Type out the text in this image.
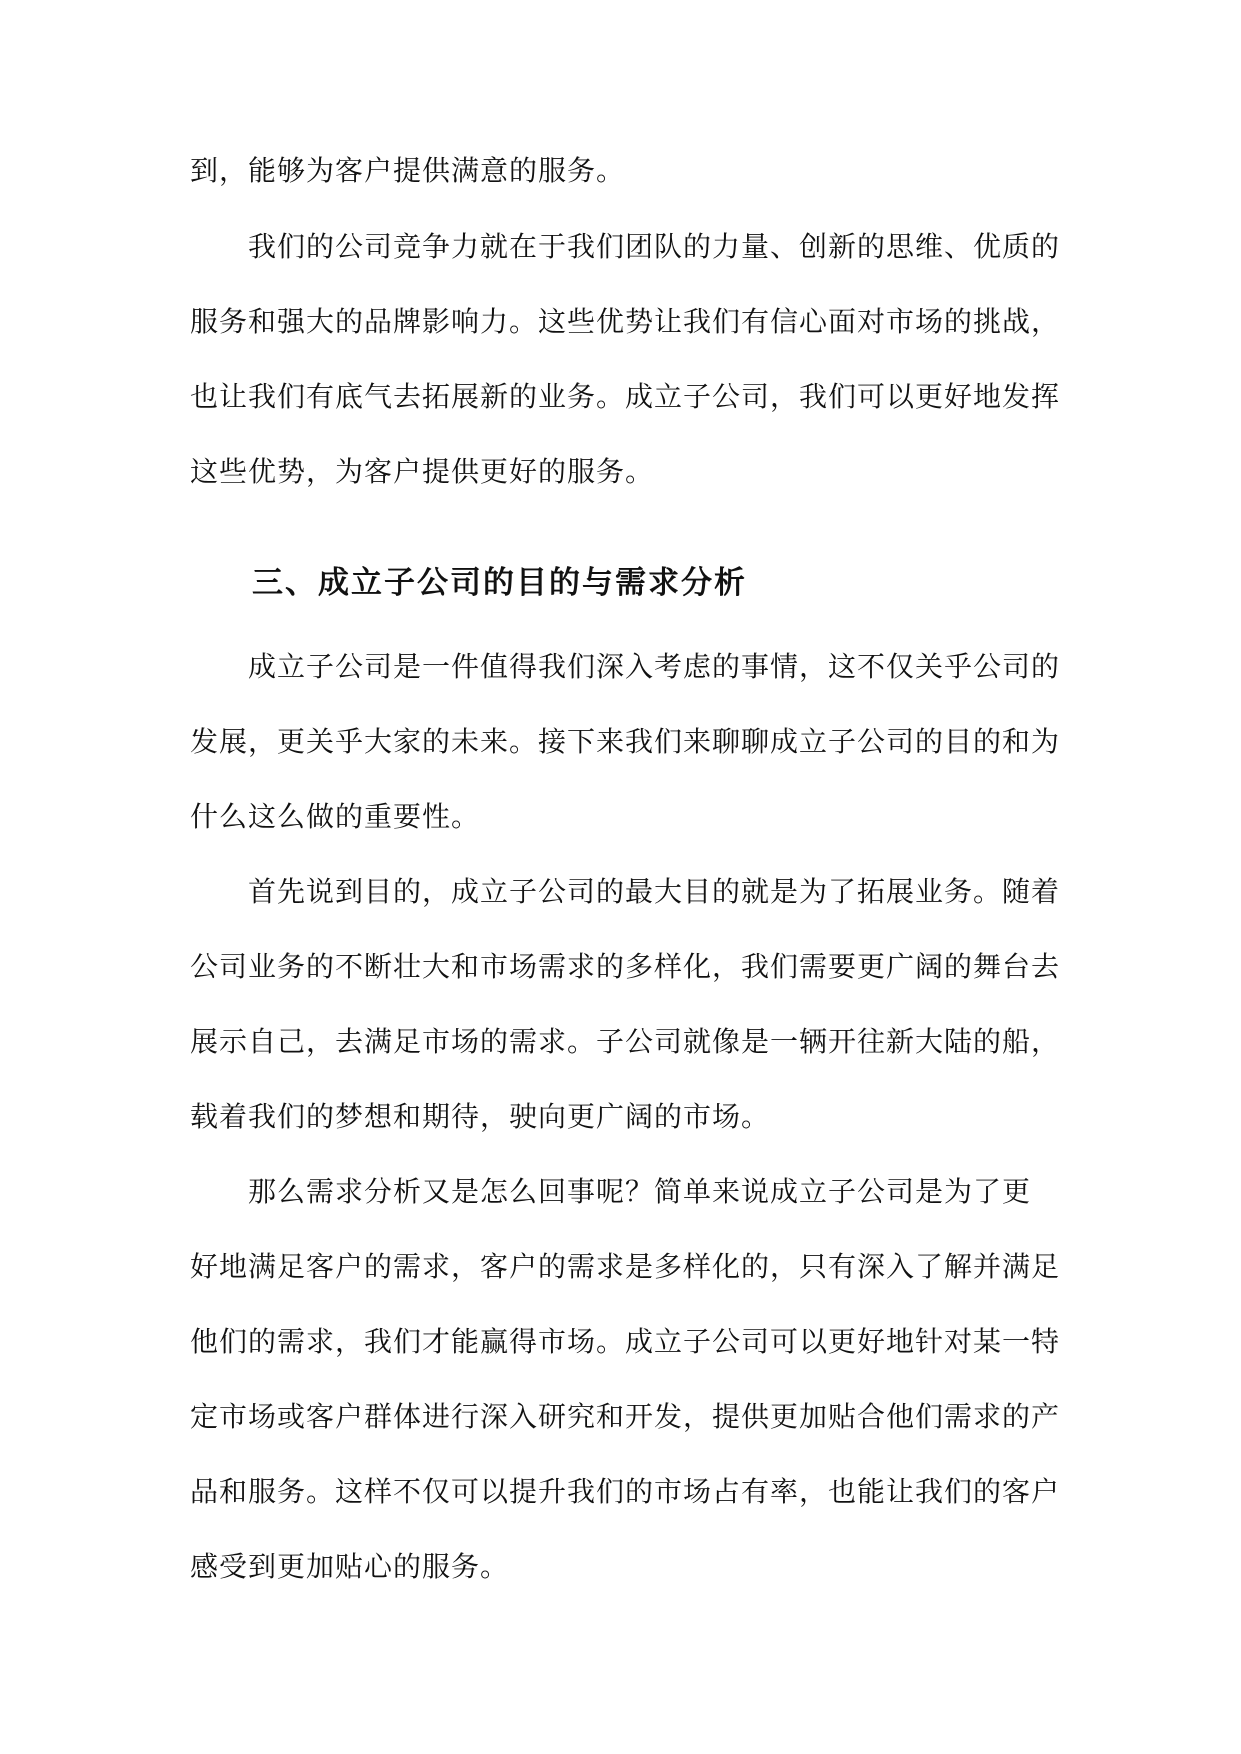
到，能够为客户提供满意的服务。
我们的公司竞争力就在于我们团队的力量、创新的思维、优质的
服务和强大的品牌影响力。这些优势让我们有信心面对市场的挑战，
也让我们有底气去拓展新的业务。成立子公司，我们可以更好地发挥
这些优势，为客户提供更好的服务。
三、成立子公司的目的与需求分析
成立子公司是一件值得我们深入考虑的事情，这不仅关乎公司的
发展，更关乎大家的未来。接下来我们来聊聊成立子公司的目的和为
什么这么做的重要性。
首先说到目的，成立子公司的最大目的就是为了拓展业务。随着
公司业务的不断壮大和市场需求的多样化，我们需要更广阔的舞台去
展示自己，去满足市场的需求。子公司就像是一辆开往新大陆的船，
载着我们的梦想和期待，驶向更广阔的市场。
那么需求分析又是怎么回事呢？简单来说成立子公司是为了更
好地满足客户的需求，客户的需求是多样化的，只有深入了解并满足
他们的需求，我们才能赢得市场。成立子公司可以更好地针对某一特
定市场或客户群体进行深入研究和开发，提供更加贴合他们需求的产
品和服务。这样不仅可以提升我们的市场占有率，也能让我们的客户
感受到更加贴心的服务。
